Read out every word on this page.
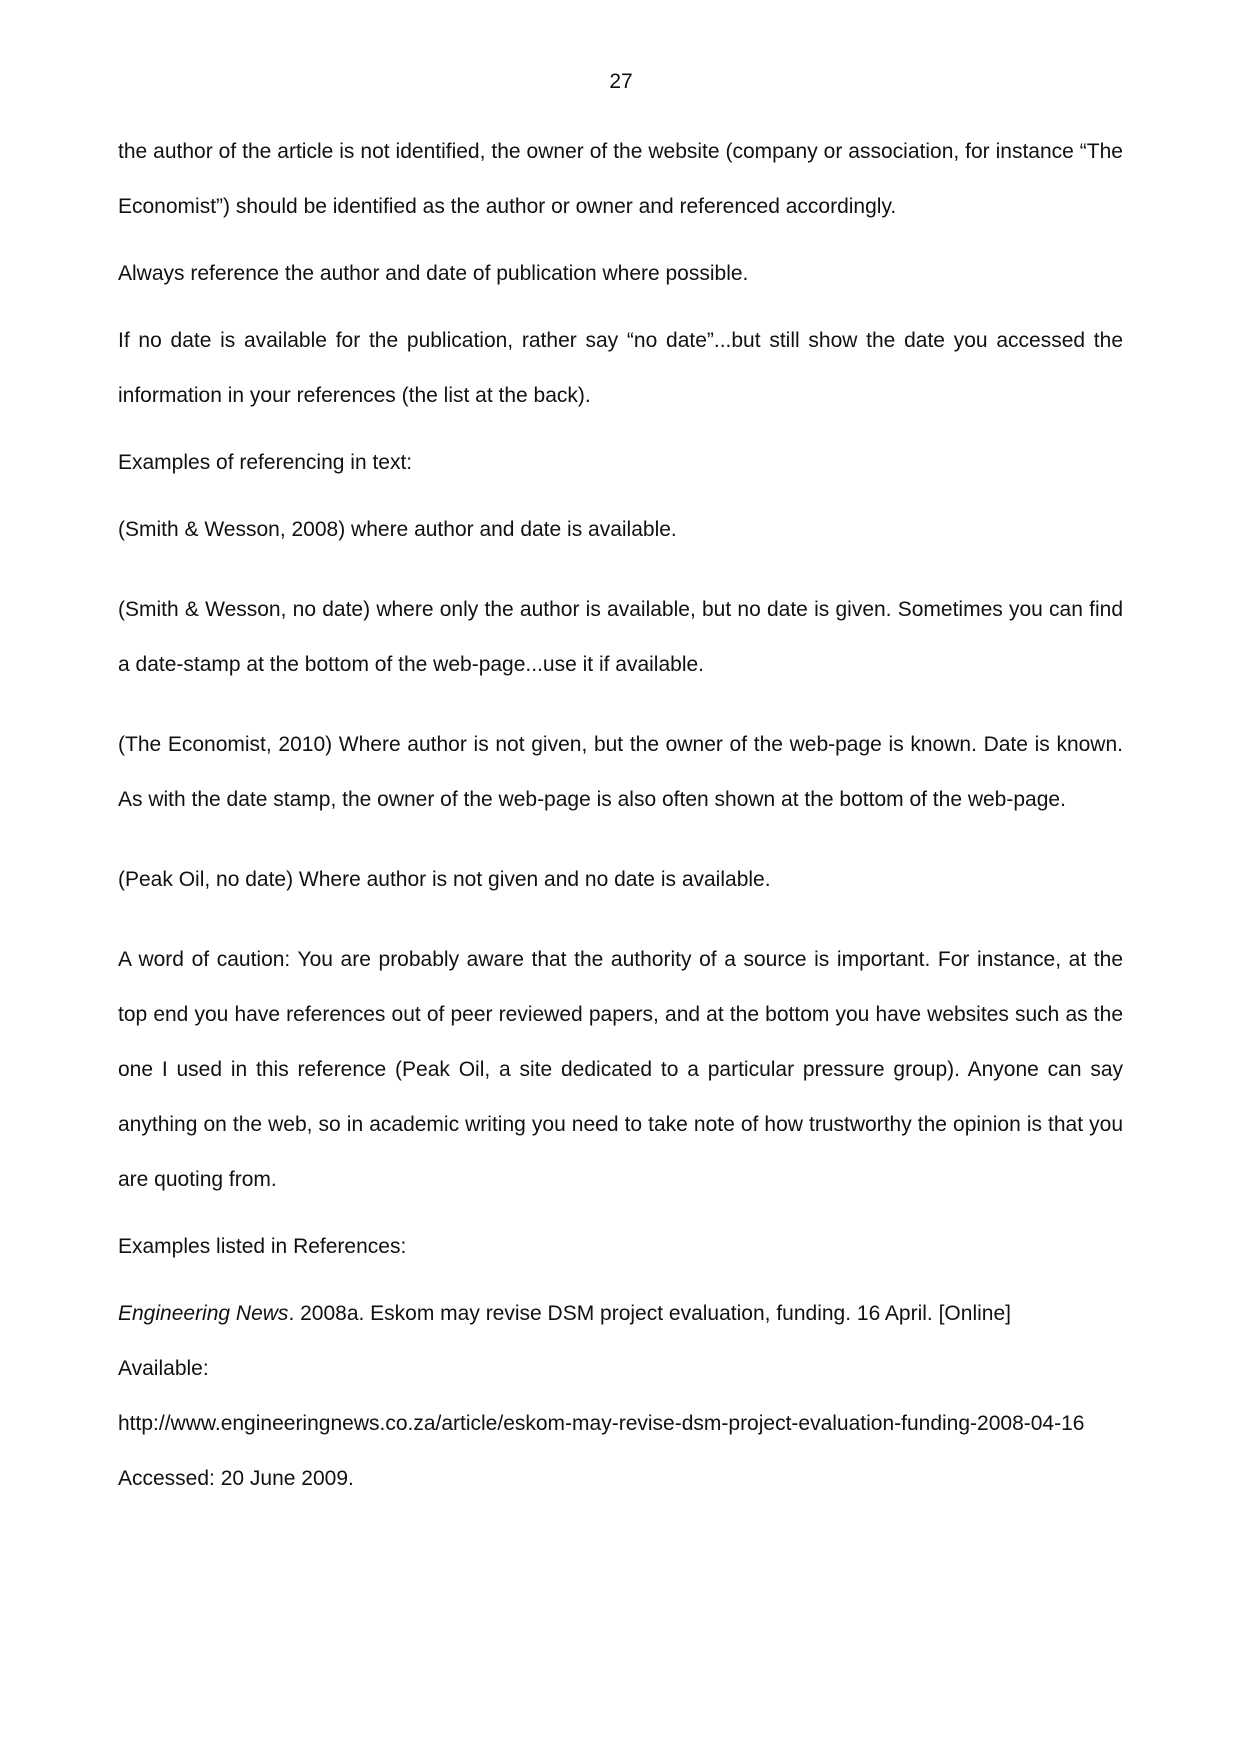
27

the author of the article is not identified, the owner of the website (company or association, for instance “The Economist”) should be identified as the author or owner and referenced accordingly.

Always reference the author and date of publication where possible.

If no date is available for the publication, rather say “no date”...but still show the date you accessed the information in your references (the list at the back).

Examples of referencing in text:

(Smith & Wesson, 2008) where author and date is available.

(Smith & Wesson, no date) where only the author is available, but no date is given. Sometimes you can find a date-stamp at the bottom of the web-page...use it if available.

(The Economist, 2010) Where author is not given, but the owner of the web-page is known. Date is known. As with the date stamp, the owner of the web-page is also often shown at the bottom of the web-page.

(Peak Oil, no date) Where author is not given and no date is available.

A word of caution: You are probably aware that the authority of a source is important. For instance, at the top end you have references out of peer reviewed papers, and at the bottom you have websites such as the one I used in this reference (Peak Oil, a site dedicated to a particular pressure group). Anyone can say anything on the web, so in academic writing you need to take note of how trustworthy the opinion is that you are quoting from.

Examples listed in References:

Engineering News. 2008a. Eskom may revise DSM project evaluation, funding. 16 April. [Online]
Available:
http://www.engineeringnews.co.za/article/eskom-may-revise-dsm-project-evaluation-funding-2008-04-16 Accessed: 20 June 2009.
